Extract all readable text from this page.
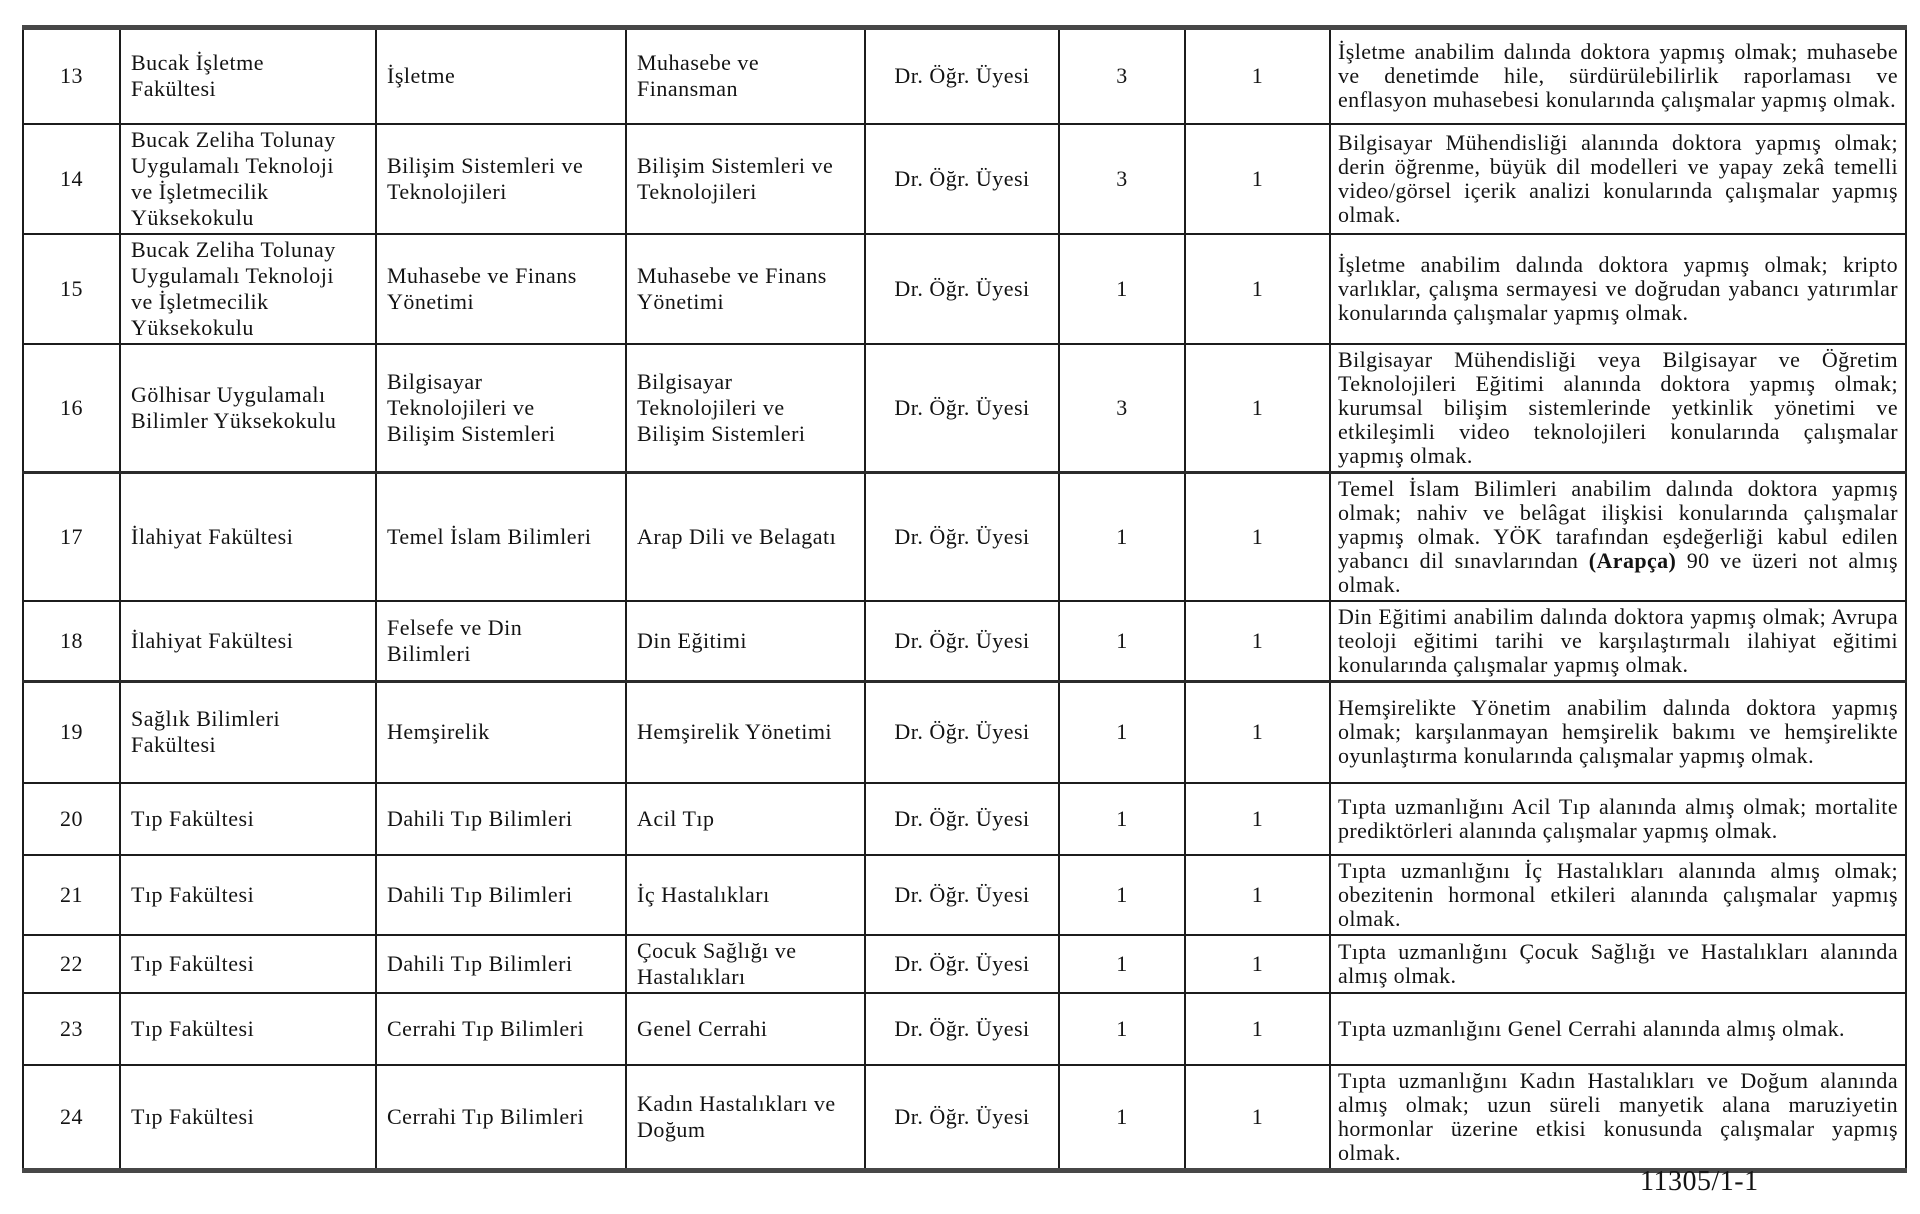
13	Bucak İşletme Fakültesi	İşletme	Muhasebe ve Finansman	Dr. Öğr. Üyesi	3	1	İşletme anabilim dalında doktora yapmış olmak; muhasebe ve denetimde hile, sürdürülebilirlik raporlaması ve enflasyon muhasebesi konularında çalışmalar yapmış olmak.
14	Bucak Zeliha Tolunay Uygulamalı Teknoloji ve İşletmecilik Yüksekokulu	Bilişim Sistemleri ve Teknolojileri	Bilişim Sistemleri ve Teknolojileri	Dr. Öğr. Üyesi	3	1	Bilgisayar Mühendisliği alanında doktora yapmış olmak; derin öğrenme, büyük dil modelleri ve yapay zekâ temelli video/görsel içerik analizi konularında çalışmalar yapmış olmak.
15	Bucak Zeliha Tolunay Uygulamalı Teknoloji ve İşletmecilik Yüksekokulu	Muhasebe ve Finans Yönetimi	Muhasebe ve Finans Yönetimi	Dr. Öğr. Üyesi	1	1	İşletme anabilim dalında doktora yapmış olmak; kripto varlıklar, çalışma sermayesi ve doğrudan yabancı yatırımlar konularında çalışmalar yapmış olmak.
16	Gölhisar Uygulamalı Bilimler Yüksekokulu	Bilgisayar Teknolojileri ve Bilişim Sistemleri	Bilgisayar Teknolojileri ve Bilişim Sistemleri	Dr. Öğr. Üyesi	3	1	Bilgisayar Mühendisliği veya Bilgisayar ve Öğretim Teknolojileri Eğitimi alanında doktora yapmış olmak; kurumsal bilişim sistemlerinde yetkinlik yönetimi ve etkileşimli video teknolojileri konularında çalışmalar yapmış olmak.
17	İlahiyat Fakültesi	Temel İslam Bilimleri	Arap Dili ve Belagatı	Dr. Öğr. Üyesi	1	1	Temel İslam Bilimleri anabilim dalında doktora yapmış olmak; nahiv ve belâgat ilişkisi konularında çalışmalar yapmış olmak. YÖK tarafından eşdeğerliği kabul edilen yabancı dil sınavlarından (Arapça) 90 ve üzeri not almış olmak.
18	İlahiyat Fakültesi	Felsefe ve Din Bilimleri	Din Eğitimi	Dr. Öğr. Üyesi	1	1	Din Eğitimi anabilim dalında doktora yapmış olmak; Avrupa teoloji eğitimi tarihi ve karşılaştırmalı ilahiyat eğitimi konularında çalışmalar yapmış olmak.
19	Sağlık Bilimleri Fakültesi	Hemşirelik	Hemşirelik Yönetimi	Dr. Öğr. Üyesi	1	1	Hemşirelikte Yönetim anabilim dalında doktora yapmış olmak; karşılanmayan hemşirelik bakımı ve hemşirelikte oyunlaştırma konularında çalışmalar yapmış olmak.
20	Tıp Fakültesi	Dahili Tıp Bilimleri	Acil Tıp	Dr. Öğr. Üyesi	1	1	Tıpta uzmanlığını Acil Tıp alanında almış olmak; mortalite prediktörleri alanında çalışmalar yapmış olmak.
21	Tıp Fakültesi	Dahili Tıp Bilimleri	İç Hastalıkları	Dr. Öğr. Üyesi	1	1	Tıpta uzmanlığını İç Hastalıkları alanında almış olmak; obezitenin hormonal etkileri alanında çalışmalar yapmış olmak.
22	Tıp Fakültesi	Dahili Tıp Bilimleri	Çocuk Sağlığı ve Hastalıkları	Dr. Öğr. Üyesi	1	1	Tıpta uzmanlığını Çocuk Sağlığı ve Hastalıkları alanında almış olmak.
23	Tıp Fakültesi	Cerrahi Tıp Bilimleri	Genel Cerrahi	Dr. Öğr. Üyesi	1	1	Tıpta uzmanlığını Genel Cerrahi alanında almış olmak.
24	Tıp Fakültesi	Cerrahi Tıp Bilimleri	Kadın Hastalıkları ve Doğum	Dr. Öğr. Üyesi	1	1	Tıpta uzmanlığını Kadın Hastalıkları ve Doğum alanında almış olmak; uzun süreli manyetik alana maruziyetin hormonlar üzerine etkisi konusunda çalışmalar yapmış olmak.
11305/1-1
